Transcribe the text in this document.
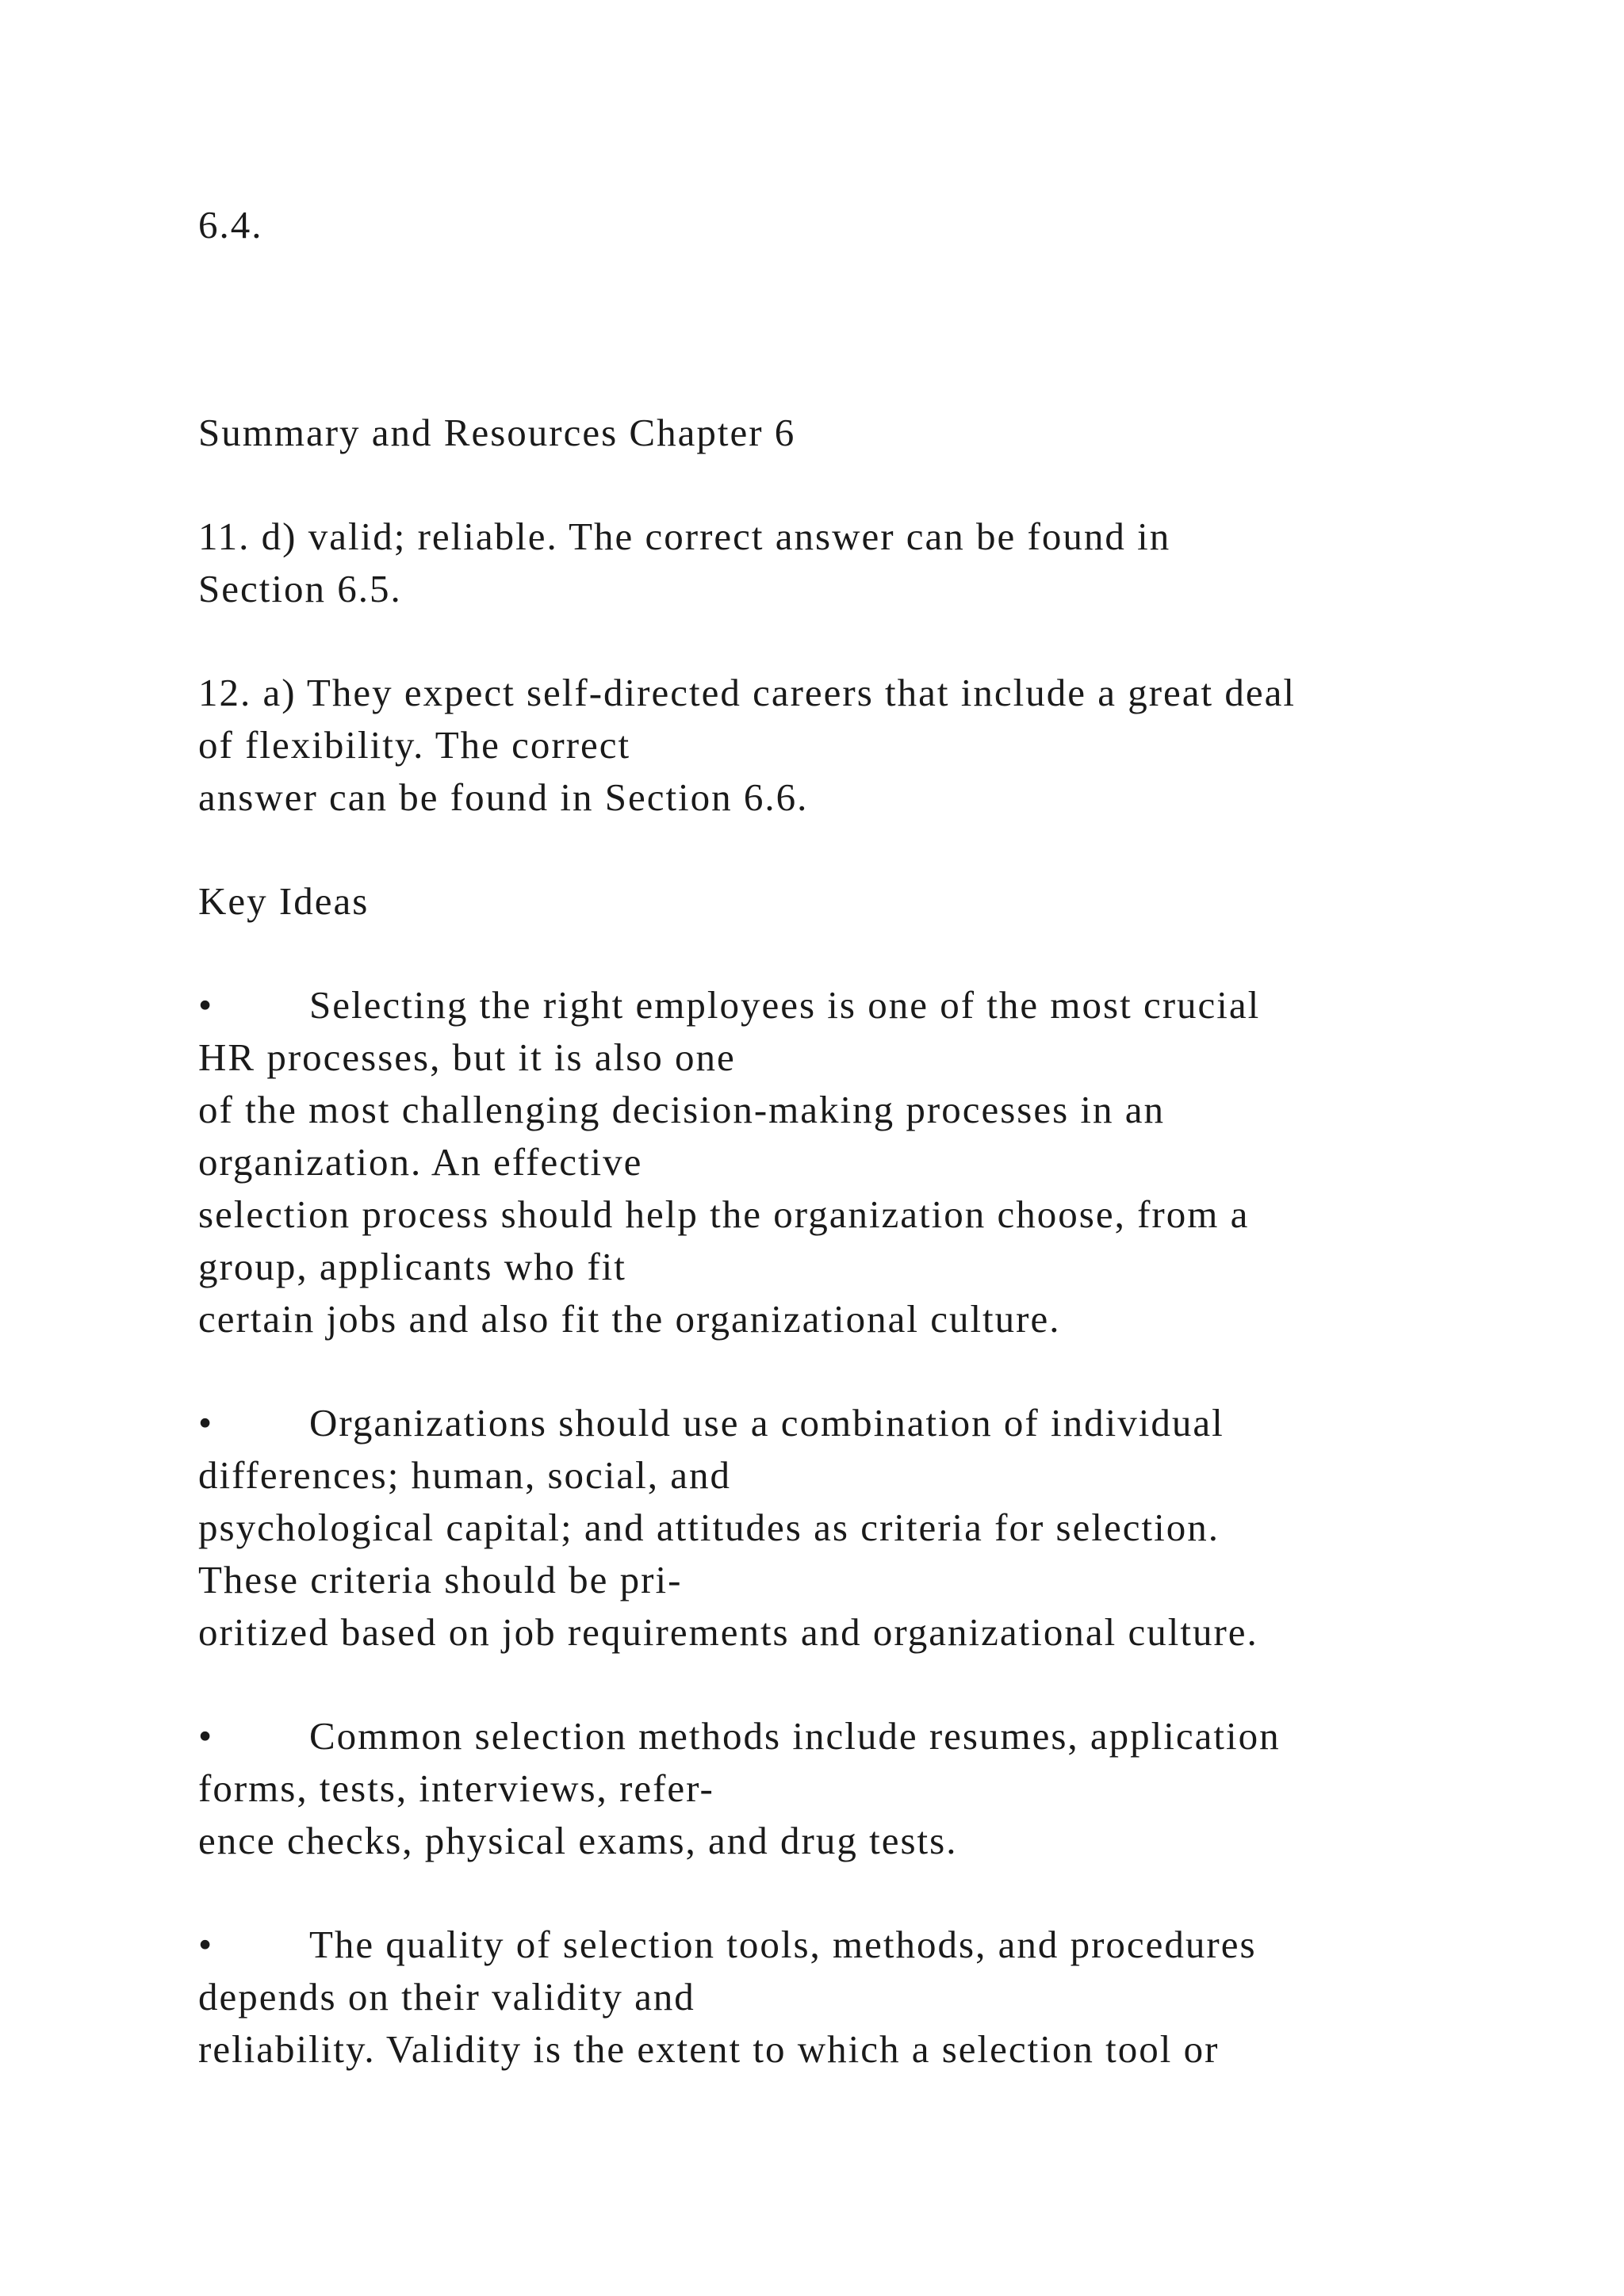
6.4.
Summary and Resources Chapter 6
11. d) valid; reliable. The correct answer can be found in
Section 6.5.
12. a) They expect self-directed careers that include a great deal
of flexibility. The correct
answer can be found in Section 6.6.
Key Ideas
• Selecting the right employees is one of the most crucial
HR processes, but it is also one
of the most challenging decision-making processes in an
organization. An effective
selection process should help the organization choose, from a
group, applicants who fit
certain jobs and also fit the organizational culture.
• Organizations should use a combination of individual
differences; human, social, and
psychological capital; and attitudes as criteria for selection.
These criteria should be pri-
oritized based on job requirements and organizational culture.
• Common selection methods include resumes, application
forms, tests, interviews, refer-
ence checks, physical exams, and drug tests.
• The quality of selection tools, methods, and procedures
depends on their validity and
reliability. Validity is the extent to which a selection tool or
